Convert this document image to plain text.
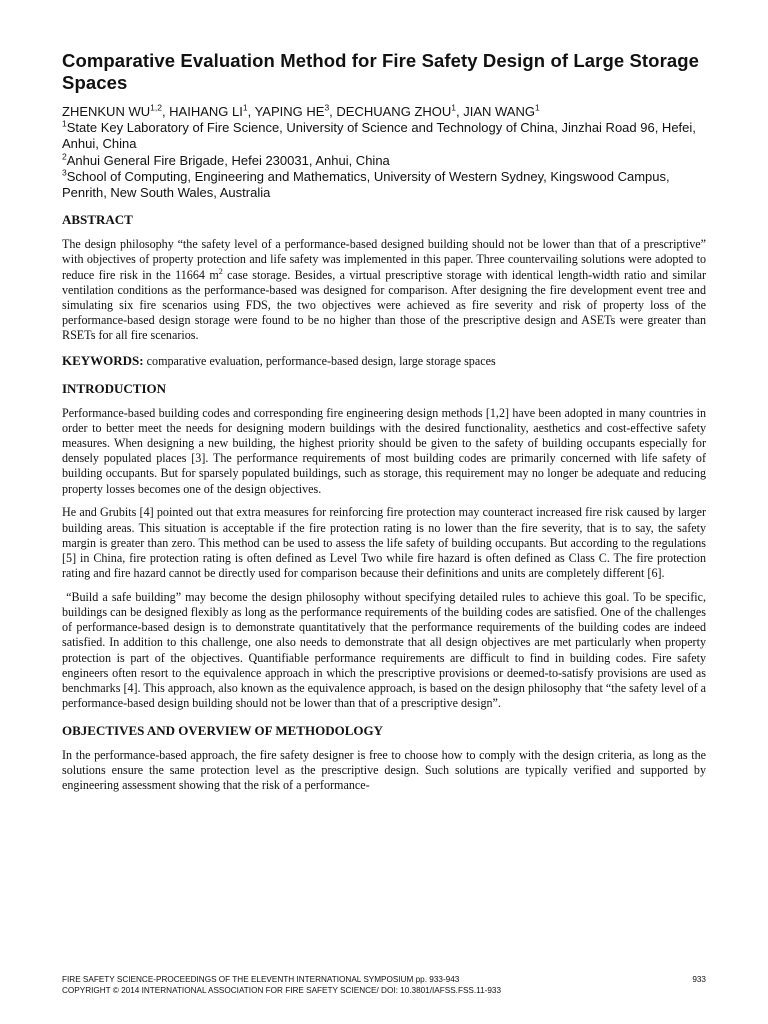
Comparative Evaluation Method for Fire Safety Design of Large Storage Spaces

ZHENKUN WU$^{1,2}$, HAIHANG $LI^1$, YAPING $HE^3$, DECHUANG ZHOU$^1$, JIAN WANG$^1$

$^1$State Key Laboratory of Fire Science, University of Science and Technology of China, Jinzhai Road 96, Hefei, Anhui, China

$^2$Anhui General Fire Brigade, Hefei 230031, Anhui, China

$^3$School of Computing, Engineering and Mathematics, University of Western Sydney, Kingswood Campus, Penrith, New South Wales, Australia

ABSTRACT

The design philosophy “the safety level of a performance-based designed building should not be lower than that of a prescriptive” with objectives of property protection and life safety was implemented in this paper. Three countervailing solutions were adopted to reduce fire risk in the 11664 $m^2$ case storage. Besides, a virtual prescriptive storage with identical length-width ratio and similar ventilation conditions as the performance-based was designed for comparison. After designing the fire development event tree and simulating six fire scenarios using FDS, the two objectives were achieved as fire severity and risk of property loss of the performance-based design storage were found to be no higher than those of the prescriptive design and ASETs were greater than RSETs for all fire scenarios.

KEYWORDS: comparative evaluation, performance-based design, large storage spaces

INTRODUCTION

Performance-based building codes and corresponding fire engineering design methods [1,2] have been adopted in many countries in order to better meet the needs for designing modern buildings with the desired functionality, aesthetics and cost-effective safety measures. When designing a new building, the highest priority should be given to the safety of building occupants especially for densely populated places [3]. The performance requirements of most building codes are primarily concerned with life safety of building occupants. But for sparsely populated buildings, such as storage, this requirement may no longer be adequate and reducing property losses becomes one of the design objectives.

He and Grubits [4] pointed out that extra measures for reinforcing fire protection may counteract increased fire risk caused by larger building areas. This situation is acceptable if the fire protection rating is no lower than the fire severity, that is to say, the safety margin is greater than zero. This method can be used to assess the life safety of building occupants. But according to the regulations [5] in China, fire protection rating is often defined as Level Two while fire hazard is often defined as Class C. The fire protection rating and fire hazard cannot be directly used for comparison because their definitions and units are completely different [6].

“Build a safe building” may become the design philosophy without specifying detailed rules to achieve this goal. To be specific, buildings can be designed flexibly as long as the performance requirements of the building codes are satisfied. One of the challenges of performance-based design is to demonstrate quantitatively that the performance requirements of the building codes are indeed satisfied. In addition to this challenge, one also needs to demonstrate that all design objectives are met particularly when property protection is part of the objectives. Quantifiable performance requirements are difficult to find in building codes. Fire safety engineers often resort to the equivalence approach in which the prescriptive provisions or deemed-to-satisfy provisions are used as benchmarks [4]. This approach, also known as the equivalence approach, is based on the design philosophy that “the safety level of a performance-based design building should not be lower than that of a prescriptive design”.

OBJECTIVES AND OVERVIEW OF METHODOLOGY

In the performance-based approach, the fire safety designer is free to choose how to comply with the design criteria, as long as the solutions ensure the same protection level as the prescriptive design. Such solutions are typically verified and supported by engineering assessment showing that the risk of a performance-

FIRE SAFETY SCIENCE-PROCEEDINGS OF THE ELEVENTH INTERNATIONAL SYMPOSIUM pp. 933-943
COPYRIGHT © 2014 INTERNATIONAL ASSOCIATION FOR FIRE SAFETY SCIENCE/ DOI: 10.3801/IAFSS.FSS.11-933
933
